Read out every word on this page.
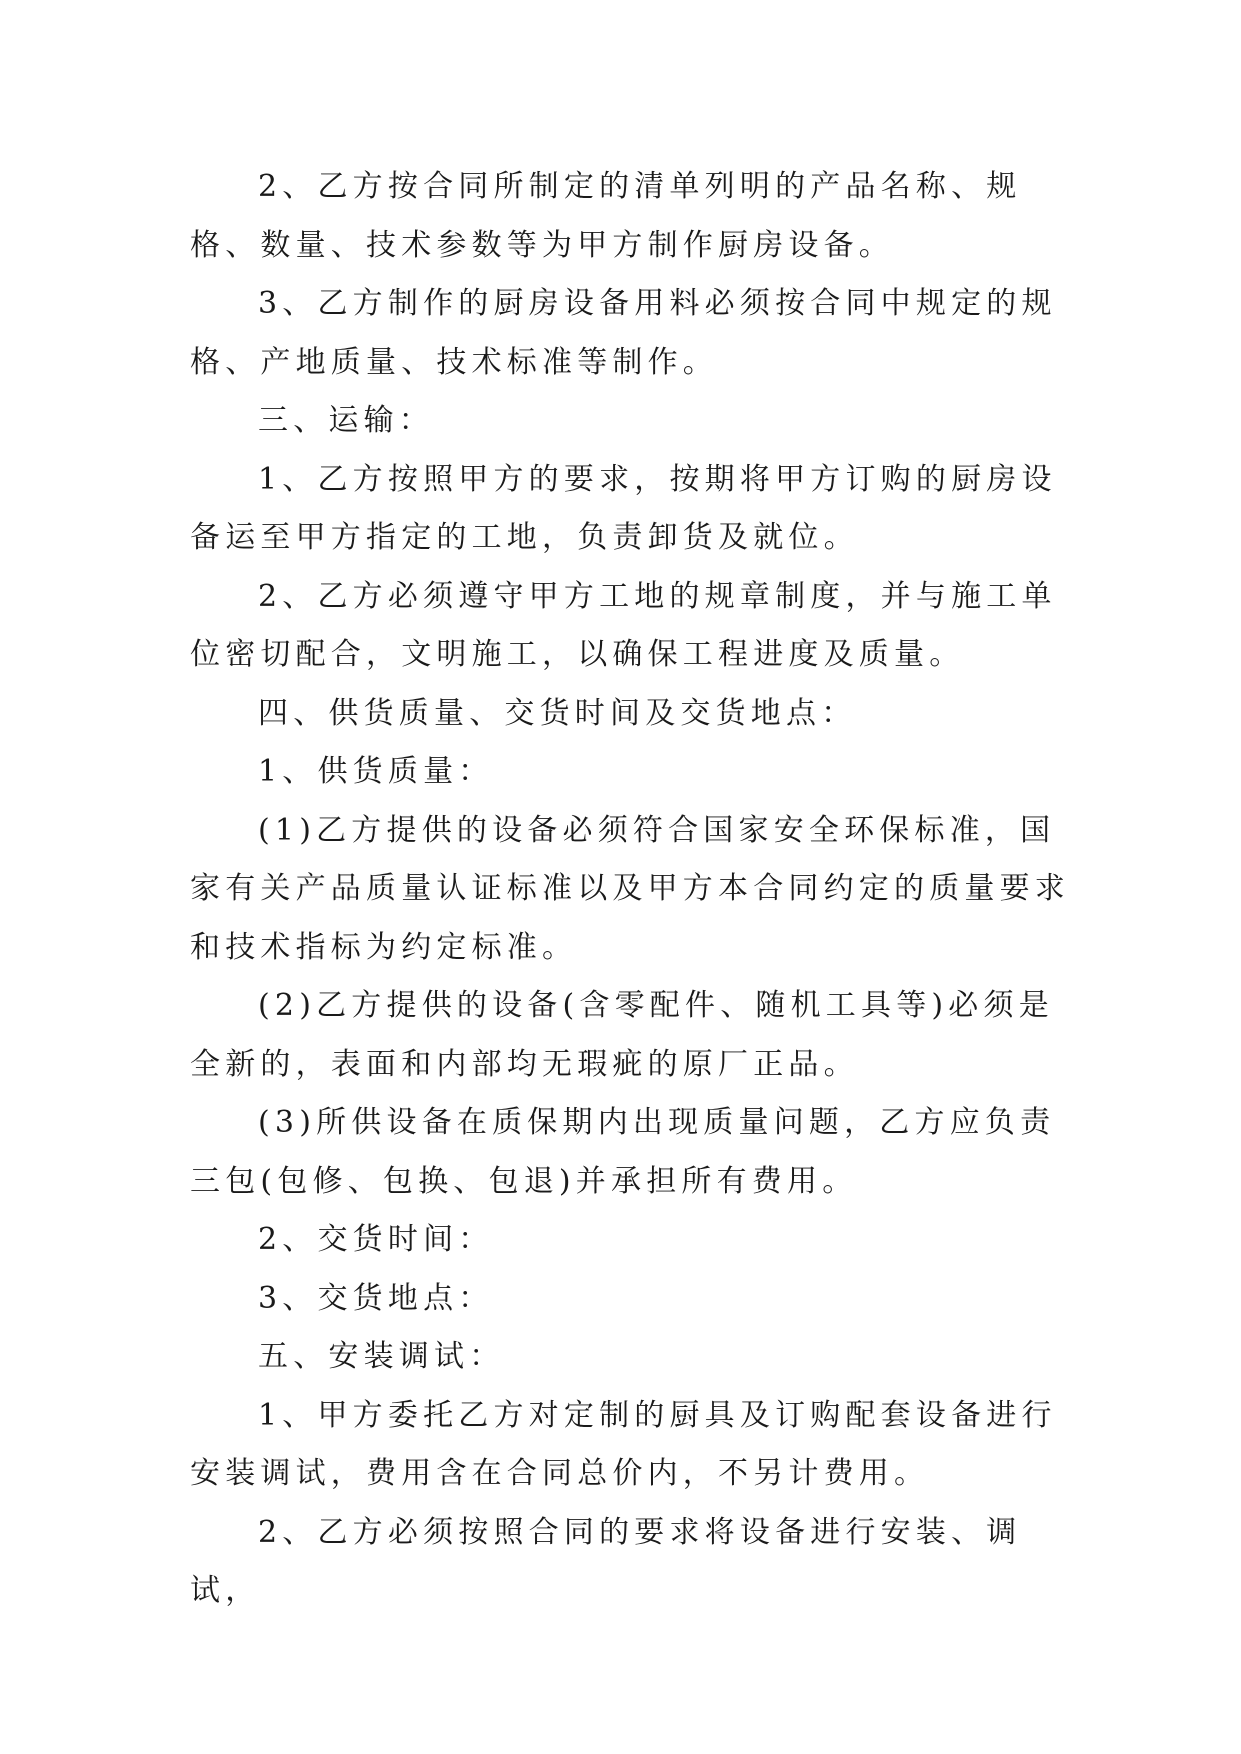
2、乙方按合同所制定的清单列明的产品名称、规格、数量、技术参数等为甲方制作厨房设备。

3、乙方制作的厨房设备用料必须按合同中规定的规格、产地质量、技术标准等制作。

三、运输：

1、乙方按照甲方的要求，按期将甲方订购的厨房设备运至甲方指定的工地，负责卸货及就位。

2、乙方必须遵守甲方工地的规章制度，并与施工单位密切配合，文明施工，以确保工程进度及质量。

四、供货质量、交货时间及交货地点：

1、供货质量：

(1)乙方提供的设备必须符合国家安全环保标准，国家有关产品质量认证标准以及甲方本合同约定的质量要求和技术指标为约定标准。

(2)乙方提供的设备(含零配件、随机工具等)必须是全新的，表面和内部均无瑕疵的原厂正品。

(3)所供设备在质保期内出现质量问题，乙方应负责三包(包修、包换、包退)并承担所有费用。

2、交货时间：

3、交货地点：

五、安装调试：

1、甲方委托乙方对定制的厨具及订购配套设备进行安装调试，费用含在合同总价内，不另计费用。

2、乙方必须按照合同的要求将设备进行安装、调试，
